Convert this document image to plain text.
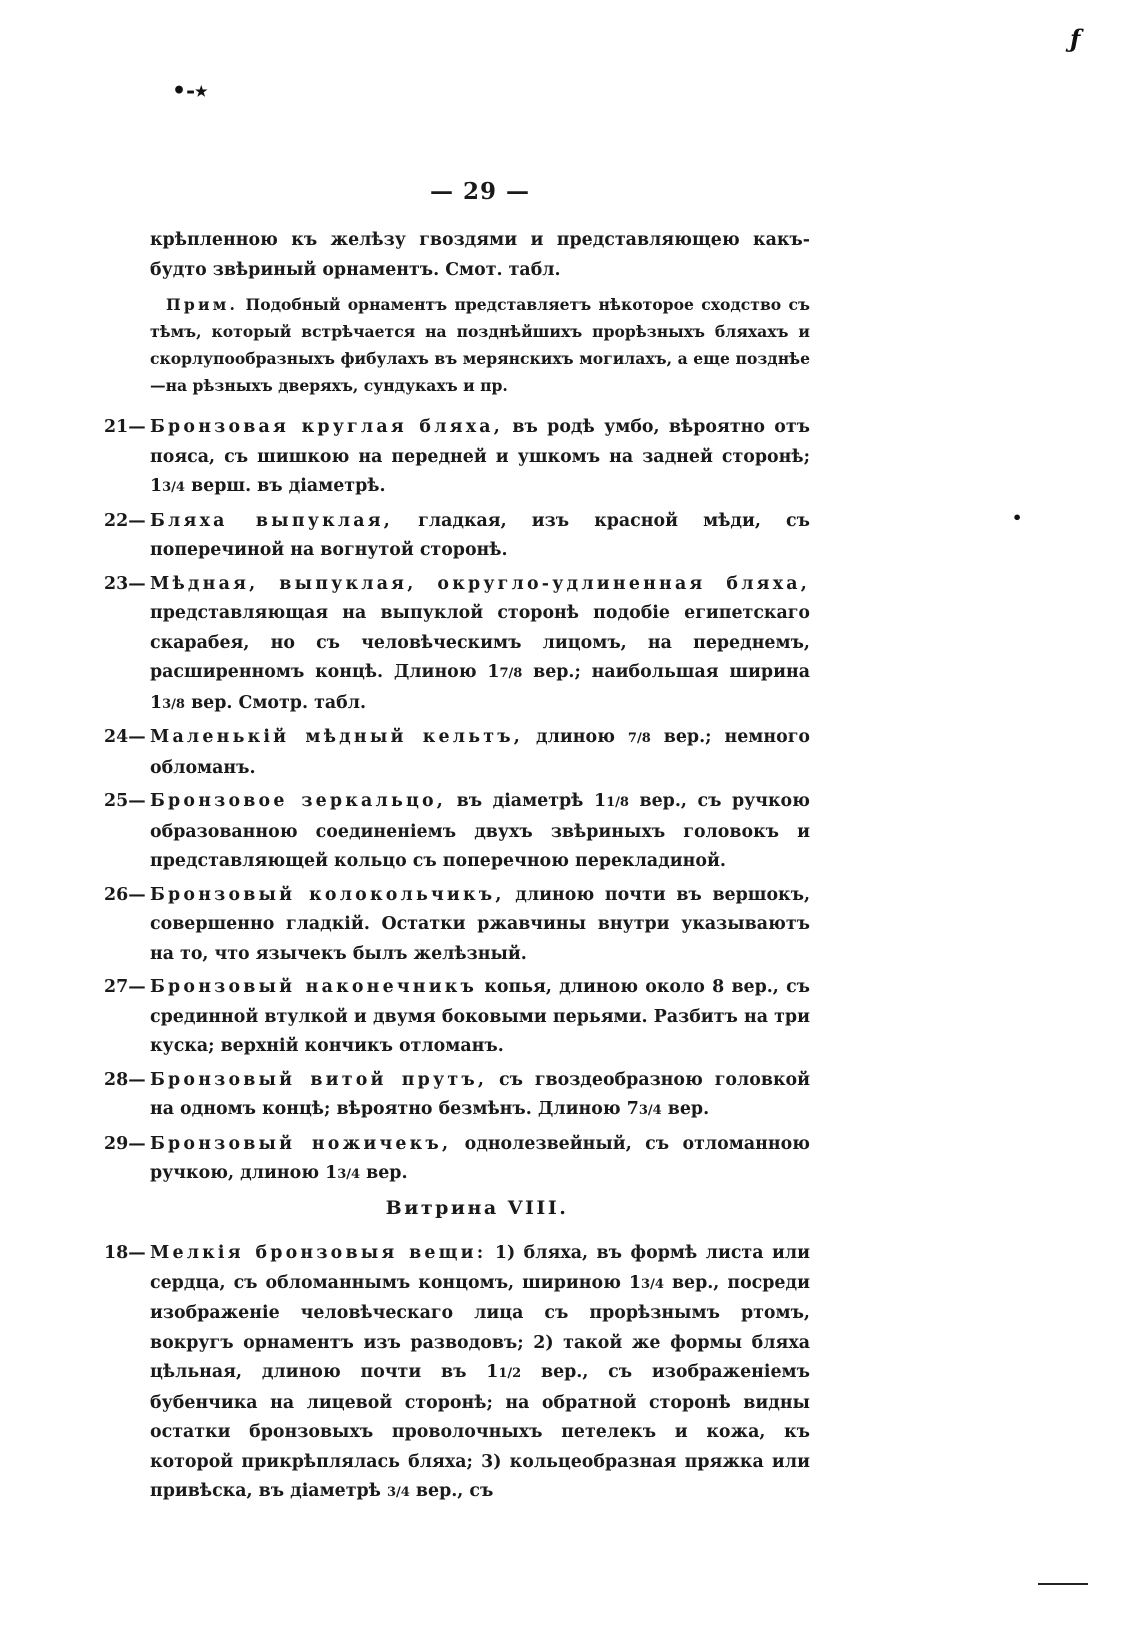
•-٭
ƒ
•
— 29 —

крѣпленною къ желѣзу гвоздями и представляющею какъ-будто звѣриный орнаментъ. Смот. табл.

Прим. Подобный орнаментъ представляетъ нѣкоторое сходство съ тѣмъ, который встрѣчается на позднѣйшихъ прорѣзныхъ бляхахъ и скорлупообразныхъ фибулахъ въ мерянскихъ могилахъ, а еще позднѣе—на рѣзныхъ дверяхъ, сундукахъ и пр.

21— Бронзовая круглая бляха, въ родѣ умбо, вѣроятно отъ пояса, съ шишкою на передней и ушкомъ на задней сторонѣ; 13/4 верш. въ діаметрѣ.
22— Бляха выпуклая, гладкая, изъ красной мѣди, съ поперечиной на вогнутой сторонѣ.
23— Мѣдная, выпуклая, округло-удлиненная бляха, представляющая на выпуклой сторонѣ подобіе египетскаго скарабея, но съ человѣческимъ лицомъ, на переднемъ, расширенномъ концѣ. Длиною 17/8 вер.; наибольшая ширина 13/8 вер. Смотр. табл.
24— Маленькій мѣдный кельтъ, длиною 7/8 вер.; немного обломанъ.
25— Бронзовое зеркальцо, въ діаметрѣ 11/8 вер., съ ручкою образованною соединеніемъ двухъ звѣриныхъ головокъ и представляющей кольцо съ поперечною перекладиной.
26— Бронзовый колокольчикъ, длиною почти въ вершокъ, совершенно гладкій. Остатки ржавчины внутри указываютъ на то, что язычекъ былъ желѣзный.
27— Бронзовый наконечникъ копья, длиною около 8 вер., съ срединной втулкой и двумя боковыми перьями. Разбитъ на три куска; верхній кончикъ отломанъ.
28— Бронзовый витой прутъ, съ гвоздеобразною головкой на одномъ концѣ; вѣроятно безмѣнъ. Длиною 73/4 вер.
29— Бронзовый ножичекъ, однолезвейный, съ отломанною ручкою, длиною 13/4 вер.
Витрина VIII.
18— Мелкія бронзовыя вещи: 1) бляха, въ формѣ листа или сердца, съ обломаннымъ концомъ, шириною 13/4 вер., посреди изображеніе человѣческаго лица съ прорѣзнымъ ртомъ, вокругъ орнаментъ изъ разводовъ; 2) такой же формы бляха цѣльная, длиною почти въ 11/2 вер., съ изображеніемъ бубенчика на лицевой сторонѣ; на обратной сторонѣ видны остатки бронзовыхъ проволочныхъ петелекъ и кожа, къ которой прикрѣплялась бляха; 3) кольцеобразная пряжка или привѣска, въ діаметрѣ 3/4 вер., съ
